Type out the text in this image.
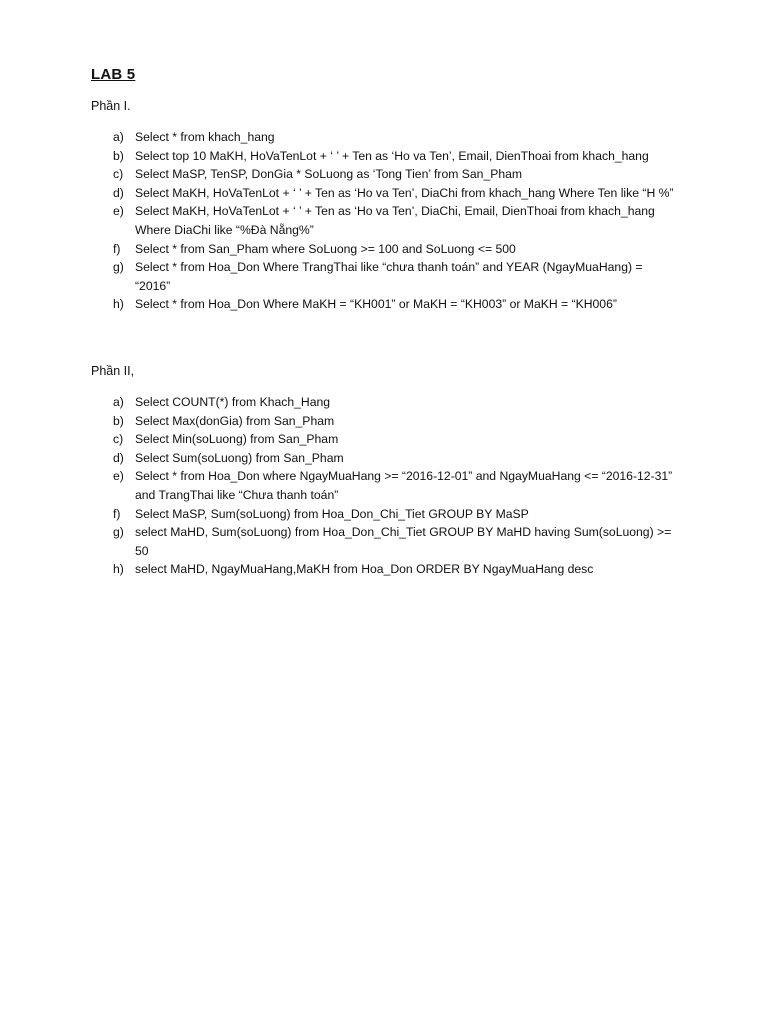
LAB 5
Phần I.
a) Select * from khach_hang
b) Select top 10 MaKH, HoVaTenLot + ‘ ’ + Ten as ‘Ho va Ten’, Email, DienThoai from khach_hang
c) Select MaSP, TenSP, DonGia * SoLuong as ‘Tong Tien’ from San_Pham
d) Select MaKH, HoVaTenLot + ‘ ’ + Ten as ‘Ho va Ten’, DiaChi from khach_hang Where Ten like “H %”
e) Select MaKH, HoVaTenLot + ‘ ’ + Ten as ‘Ho va Ten’, DiaChi, Email, DienThoai from khach_hang Where DiaChi like “%Đà Nẵng%”
f)	Select * from San_Pham where SoLuong >= 100 and SoLuong <= 500
g) Select * from Hoa_Don Where TrangThai like “chưa thanh toán” and YEAR (NgayMuaHang) = “2016”
h) Select * from Hoa_Don Where MaKH = “KH001” or MaKH = “KH003” or MaKH = “KH006”
Phần II,
a) Select COUNT(*) from Khach_Hang
b) Select Max(donGia) from San_Pham
c) Select Min(soLuong) from San_Pham
d) Select Sum(soLuong) from San_Pham
e) Select * from Hoa_Don where NgayMuaHang >= “2016-12-01” and NgayMuaHang <= “2016-12-31” and TrangThai like “Chưa thanh toán”
f)	Select MaSP, Sum(soLuong) from Hoa_Don_Chi_Tiet GROUP BY MaSP
g) select MaHD, Sum(soLuong) from Hoa_Don_Chi_Tiet GROUP BY MaHD having Sum(soLuong) >= 50
h) select MaHD, NgayMuaHang,MaKH from Hoa_Don ORDER BY NgayMuaHang desc
